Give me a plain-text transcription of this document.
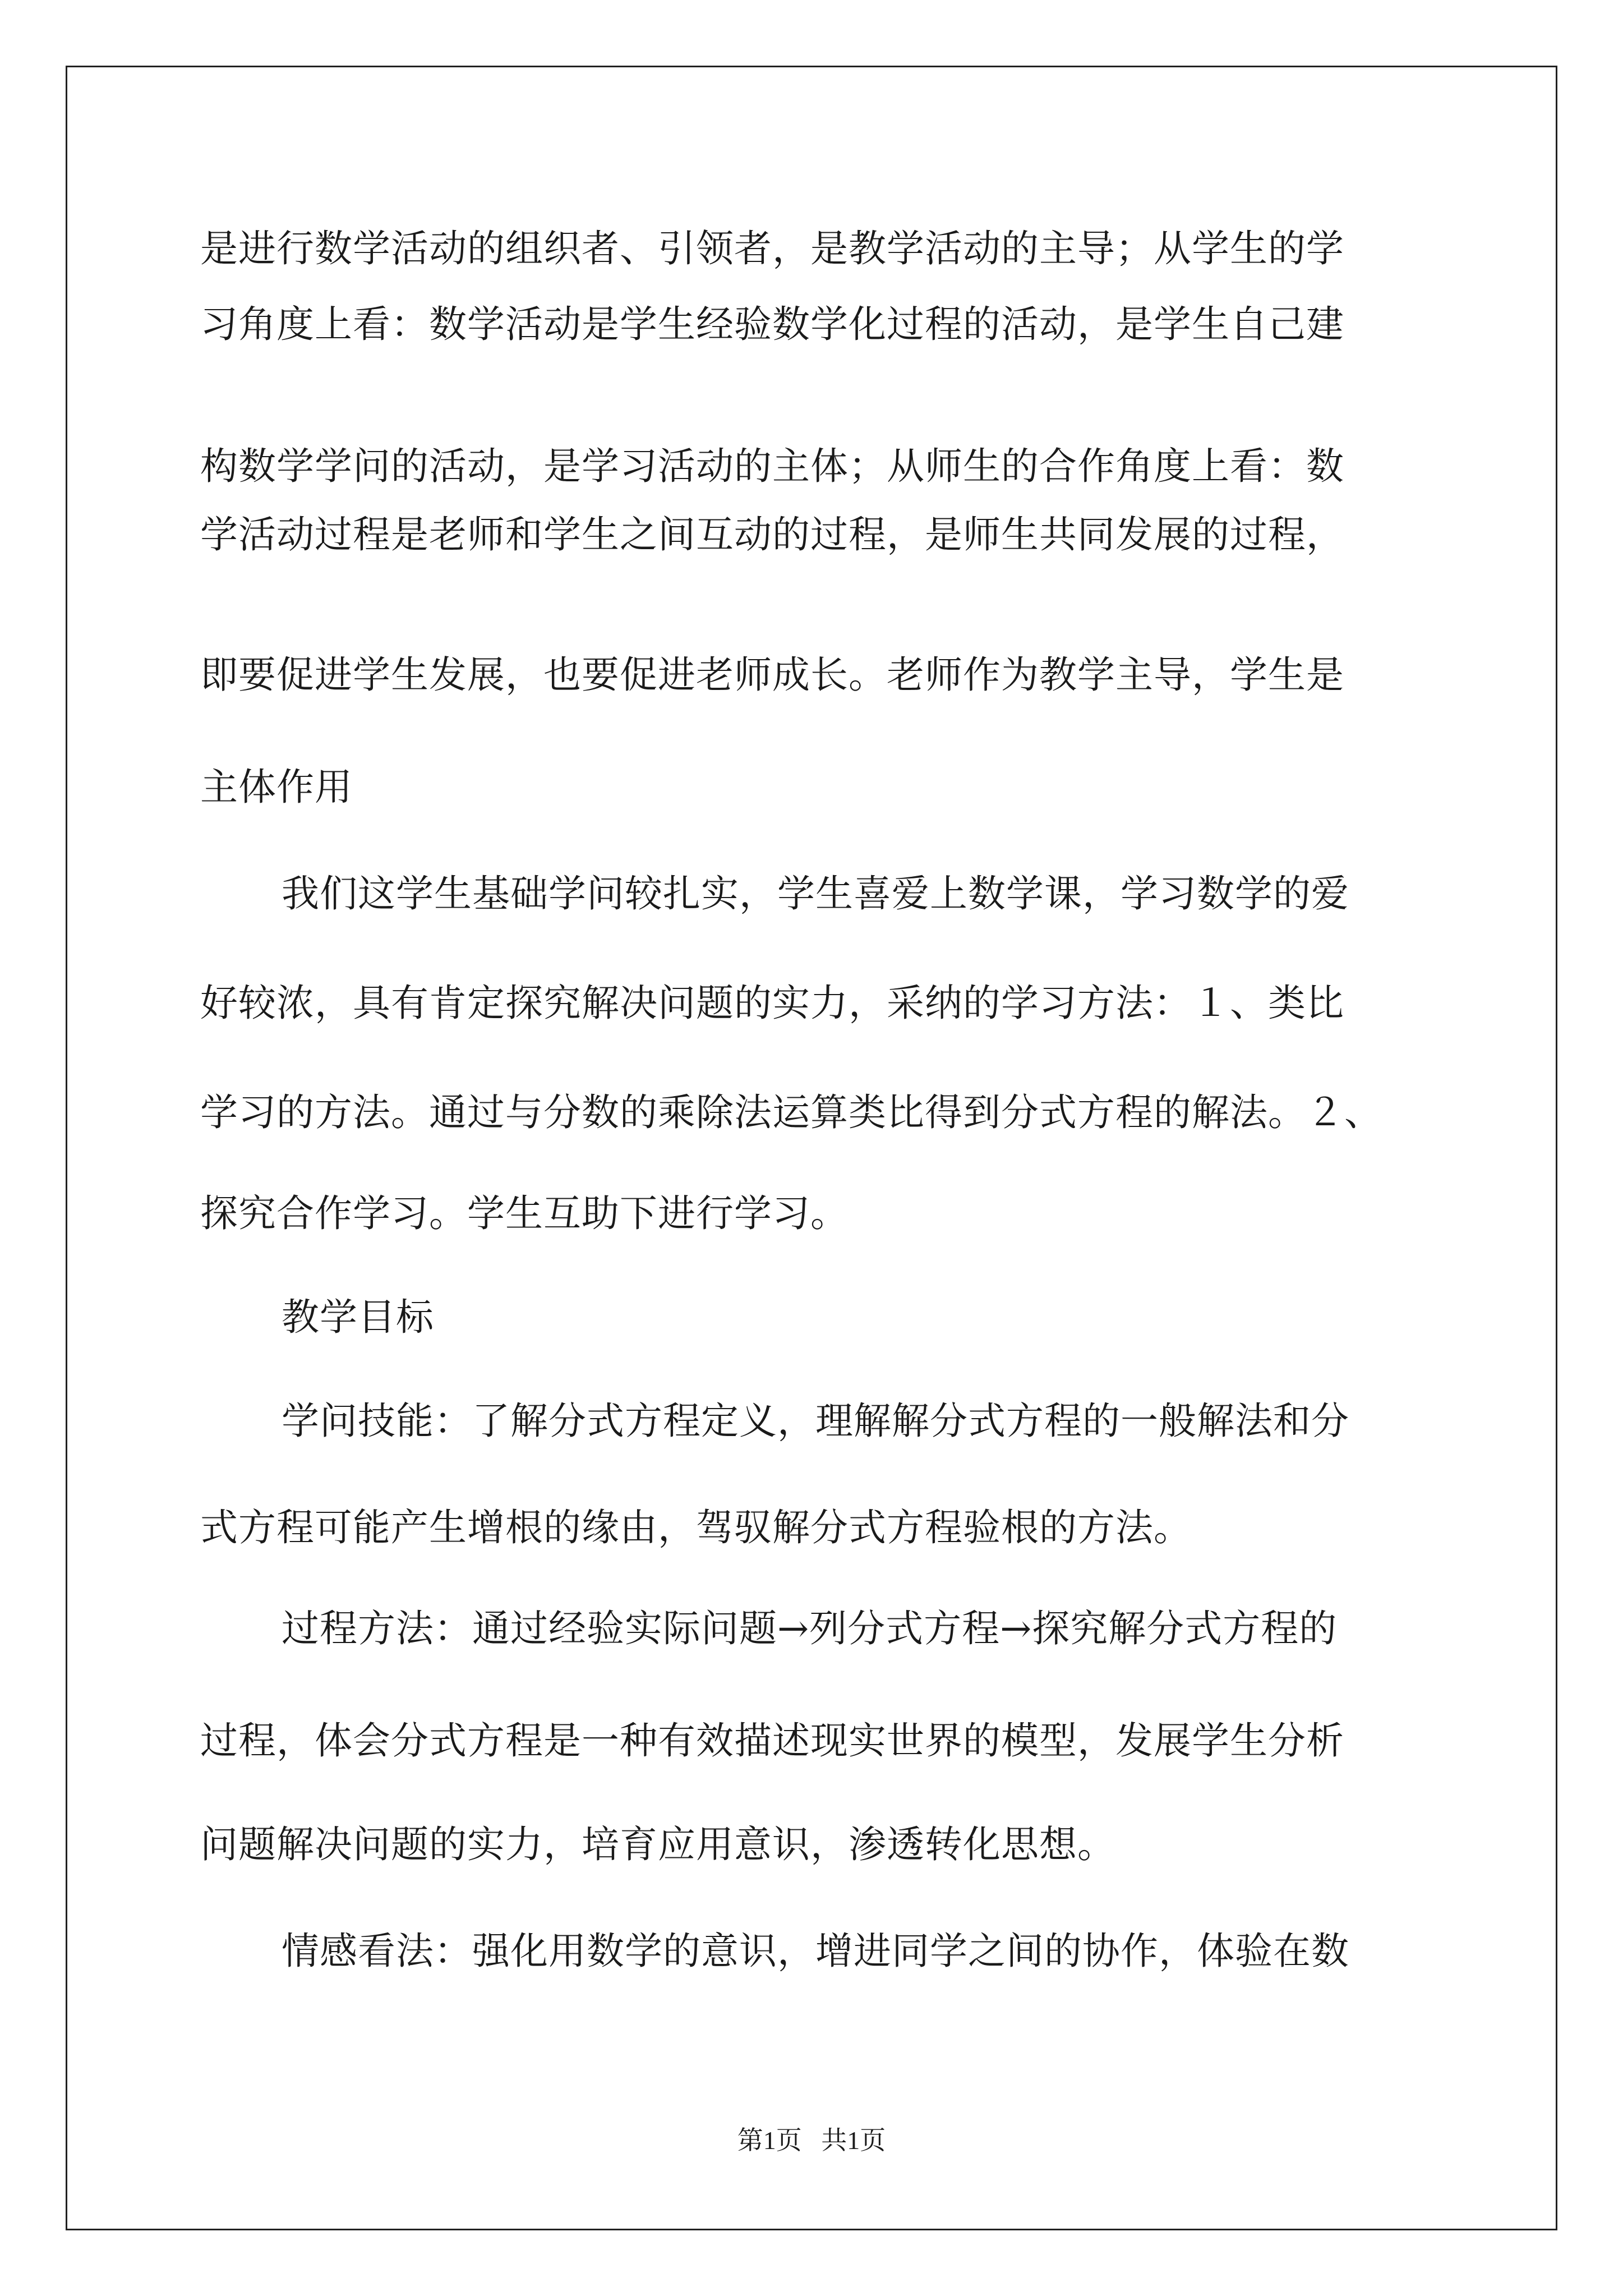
是进行数学活动的组织者、引领者，是教学活动的主导；从学生的学
习角度上看：数学活动是学生经验数学化过程的活动，是学生自己建
构数学学问的活动，是学习活动的主体；从师生的合作角度上看：数
学活动过程是老师和学生之间互动的过程，是师生共同发展的过程，
即要促进学生发展，也要促进老师成长。老师作为教学主导，学生是
主体作用
我们这学生基础学问较扎实，学生喜爱上数学课，学习数学的爱
好较浓，具有肯定探究解决问题的实力，采纳的学习方法：１、类比
学习的方法。通过与分数的乘除法运算类比得到分式方程的解法。２、
探究合作学习。学生互助下进行学习。
教学目标
学问技能：了解分式方程定义，理解解分式方程的一般解法和分
式方程可能产生增根的缘由，驾驭解分式方程验根的方法。
过程方法：通过经验实际问题→列分式方程→探究解分式方程的
过程，体会分式方程是一种有效描述现实世界的模型，发展学生分析
问题解决问题的实力，培育应用意识，渗透转化思想。
情感看法：强化用数学的意识，增进同学之间的协作，体验在数
第1页   共1页
